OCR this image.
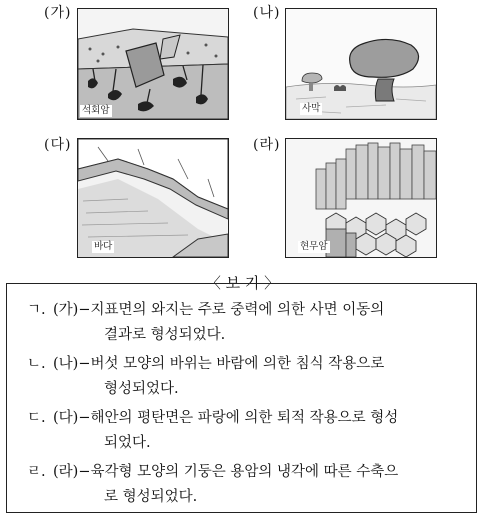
(가)
석회암
(나)
사막
(다)
바다
(라)
현무암
〈 보 기 〉
ㄱ. (가)−지표면의 와지는 주로 중력에 의한 사면 이동의
결과로 형성되었다.
ㄴ. (나)−버섯 모양의 바위는 바람에 의한 침식 작용으로
형성되었다.
ㄷ. (다)−해안의 평탄면은 파랑에 의한 퇴적 작용으로 형성
되었다.
ㄹ. (라)−육각형 모양의 기둥은 용암의 냉각에 따른 수축으
로 형성되었다.
